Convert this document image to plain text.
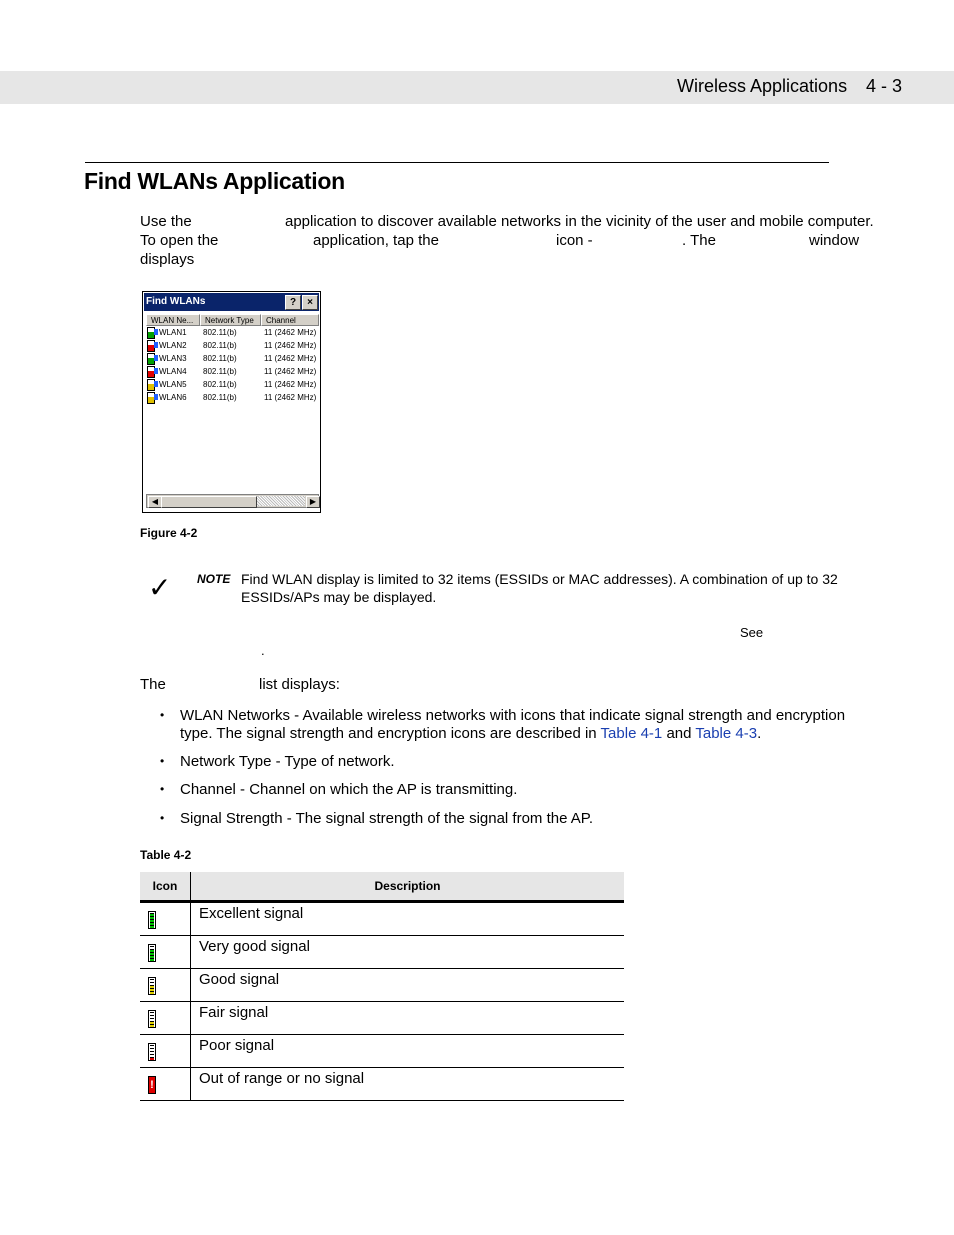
Wireless Applications 4 - 3
Find WLANs Application
Use the	application to discover available networks in the vicinity of the user and mobile computer.
To open the	application, tap the	icon -	. The	window
displays
Find WLANs	?	×
WLAN Ne...	Network Type	Channel
WLAN1 802.11(b)	11 (2462 MHz)
WLAN2 802.11(b)	11 (2462 MHz)
WLAN3 802.11(b)	11 (2462 MHz)
WLAN4 802.11(b)	11 (2462 MHz)
WLAN5 802.11(b)	11 (2462 MHz)
WLAN6 802.11(b)	11 (2462 MHz)
◀	▶
Figure 4-2
✓ NOTE Find WLAN display is limited to 32 items (ESSIDs or MAC addresses). A combination of up to 32
ESSIDs/APs may be displayed.
See
.
The	list displays:
• WLAN Networks - Available wireless networks with icons that indicate signal strength and encryption
type. The signal strength and encryption icons are described in Table 4-1 and Table 4-3.
• Network Type - Type of network.
• Channel - Channel on which the AP is transmitting.
• Signal Strength - The signal strength of the signal from the AP.
Table 4-2
Icon	Description

	Excellent signal

	Very good signal

	Good signal

	Fair signal

	Poor signal

!	Out of range or no signal
